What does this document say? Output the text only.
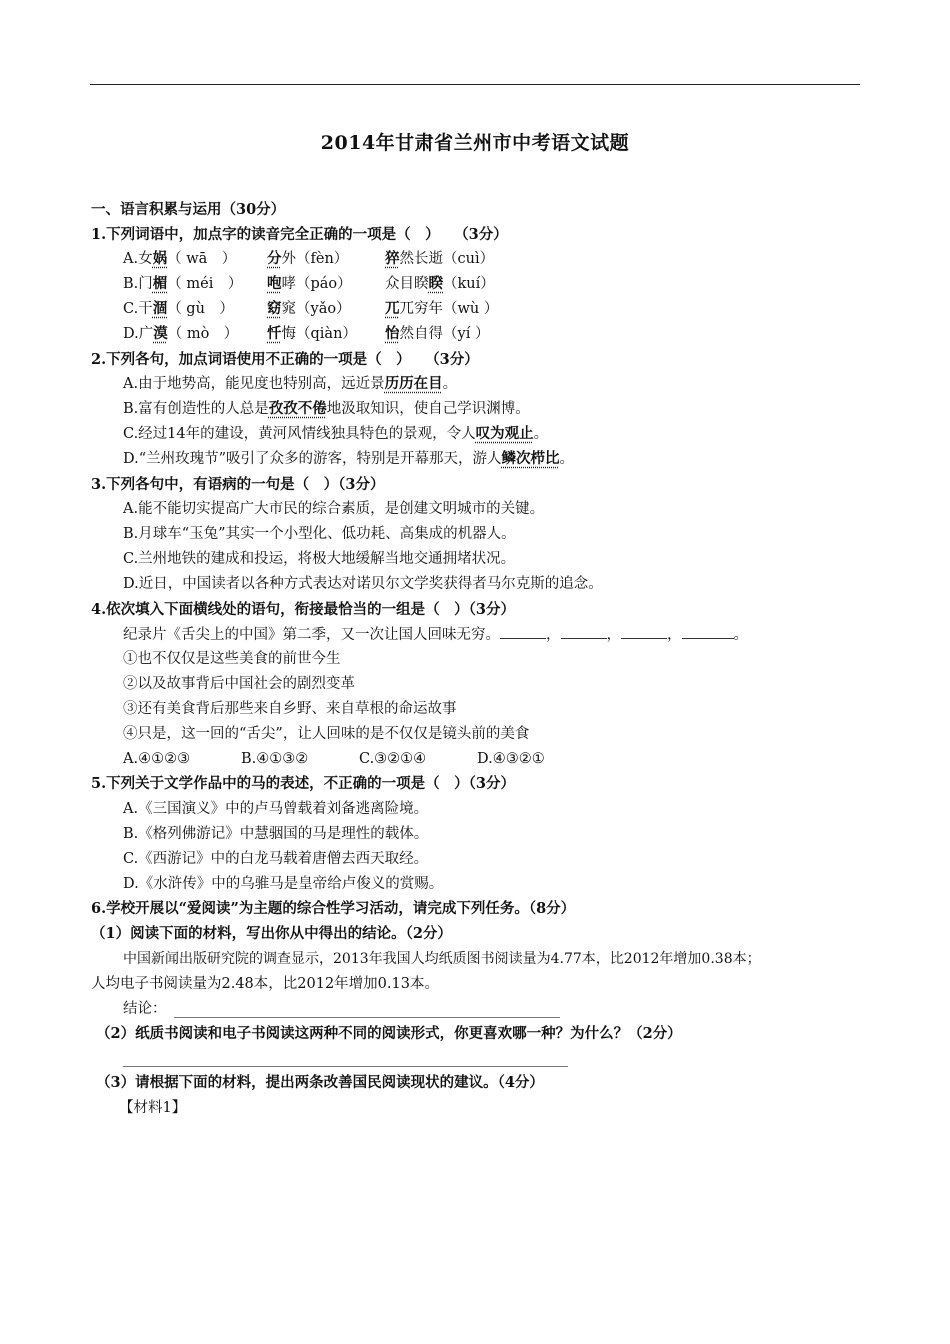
2014年甘肃省兰州市中考语文试题
一、语言积累与运用（30分）
1.下列词语中，加点字的读音完全正确的一项是（　）　　（3分）
A.女娲（ wā　） 分外（fèn）	猝然长逝（cuì）
B.门楣（ méi　） 咆哮（páo） 众目睽睽（kuí）
C.干涸（ gù　） 窈窕（yǎo） 兀兀穷年（wù ）
D.广漠（ mò　） 忏悔（qiàn） 怡然自得（yí ）
2.下列各句，加点词语使用不正确的一项是（　）　　（3分）
A.由于地势高，能见度也特别高，远近景历历在目。
B.富有创造性的人总是孜孜不倦地汲取知识，使自己学识渊博。
C.经过14年的建设，黄河风情线独具特色的景观，令人叹为观止。
D.“兰州玫瑰节”吸引了众多的游客，特别是开幕那天，游人鳞次栉比。
3.下列各句中，有语病的一句是（　）（3分）
A.能不能切实提高广大市民的综合素质，是创建文明城市的关键。
B.月球车“玉兔”其实一个小型化、低功耗、高集成的机器人。
C.兰州地铁的建成和投运，将极大地缓解当地交通拥堵状况。
D.近日，中国读者以各种方式表达对诺贝尔文学奖获得者马尔克斯的追念。
4.依次填入下面横线处的语句，衔接最恰当的一组是（　）（3分）
纪录片《舌尖上的中国》第二季，又一次让国人回味无穷。	，	，	，	。
①也不仅仅是这些美食的前世今生
②以及故事背后中国社会的剧烈变革
③还有美食背后那些来自乡野、来自草根的命运故事
④只是，这一回的“舌尖”，让人回味的是不仅仅是镜头前的美食
A.④①②③	B.④①③②	C.③②①④	D.④③②①
5.下列关于文学作品中的马的表述，不正确的一项是（　）（3分）
A.《三国演义》中的卢马曾载着刘备逃离险境。
B.《格列佛游记》中慧骃国的马是理性的载体。
C.《西游记》中的白龙马载着唐僧去西天取经。
D.《水浒传》中的乌骓马是皇帝给卢俊义的赏赐。
6.学校开展以“爱阅读”为主题的综合性学习活动，请完成下列任务。（8分）
（1）阅读下面的材料，写出你从中得出的结论。（2分）
中国新闻出版研究院的调查显示，2013年我国人均纸质图书阅读量为4.77本，比2012年增加0.38本；
人均电子书阅读量为2.48本，比2012年增加0.13本。
结论：
（2）纸质书阅读和电子书阅读这两种不同的阅读形式，你更喜欢哪一种？为什么？（2分）
（3）请根据下面的材料，提出两条改善国民阅读现状的建议。（4分）
【材料1】
